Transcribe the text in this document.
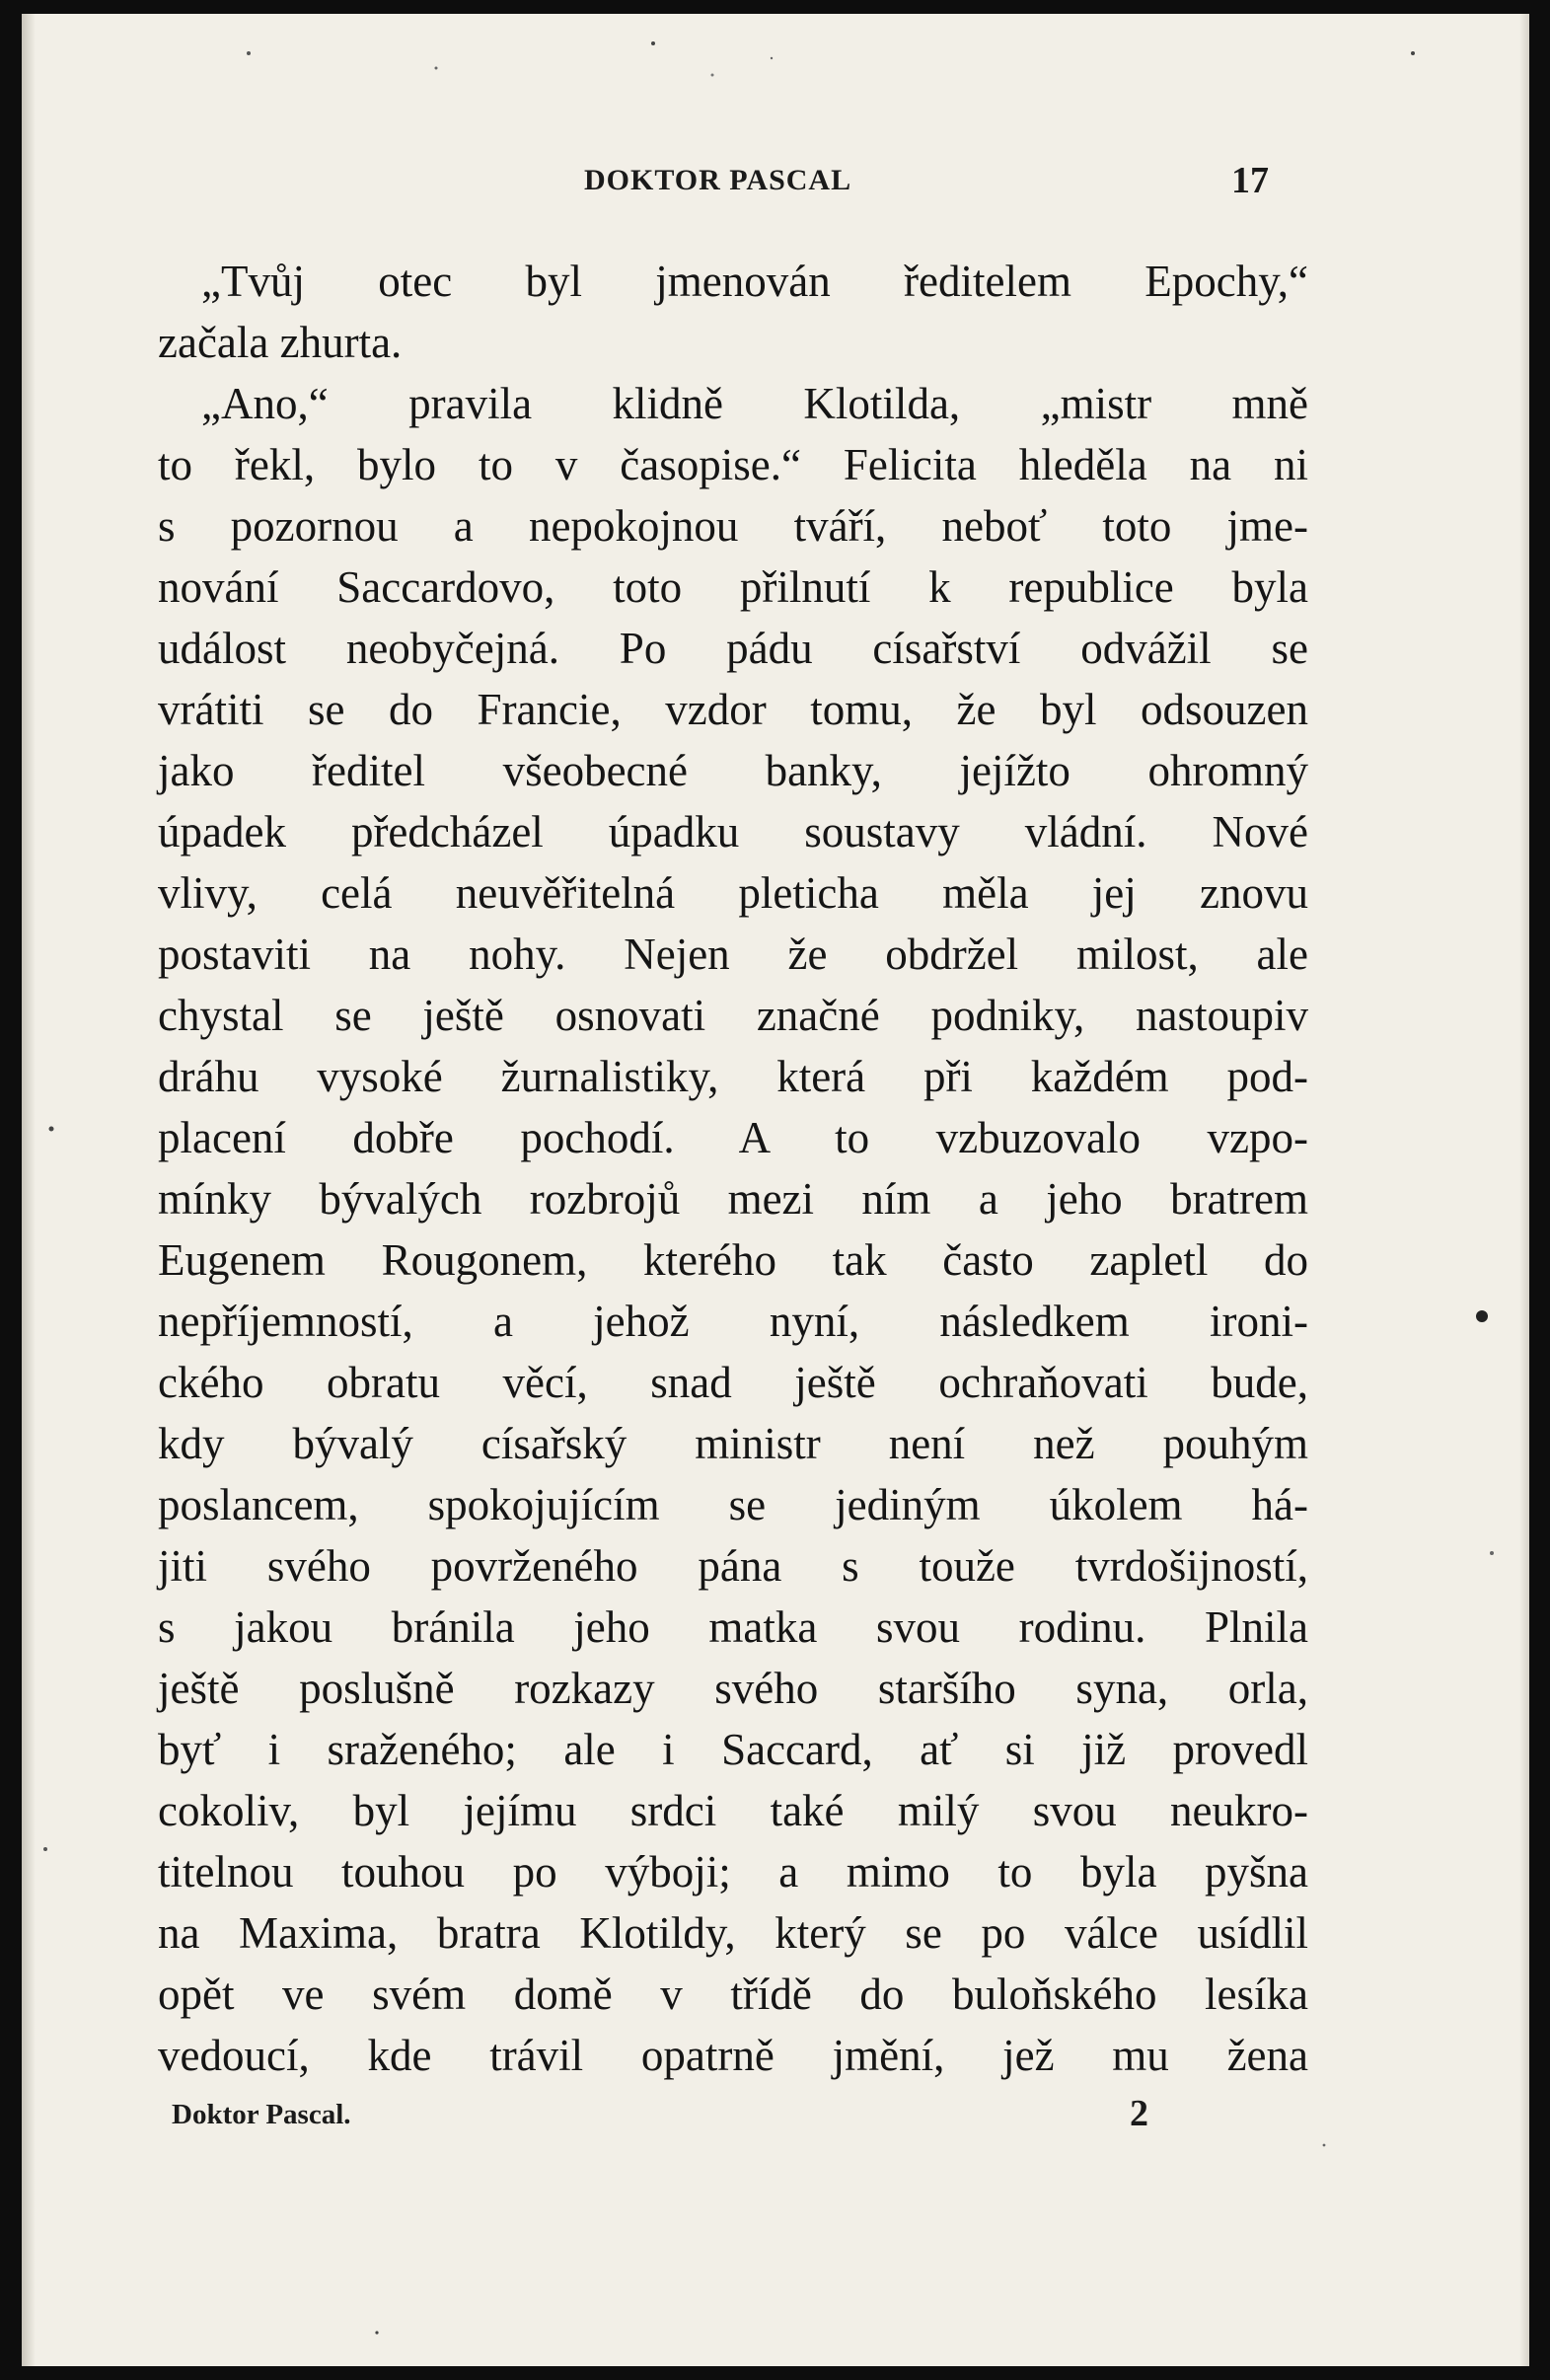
DOKTOR PASCAL	17
„Tvůj otec byl jmenován ředitelem Epochy,“
začala zhurta.
„Ano,“ pravila klidně Klotilda, „mistr mně
to řekl, bylo to v časopise.“ Felicita hleděla na ni
s pozornou a nepokojnou tváří, neboť toto jme-
nování Saccardovo, toto přilnutí k republice byla
událost neobyčejná. Po pádu císařství odvážil se
vrátiti se do Francie, vzdor tomu, že byl odsouzen
jako ředitel všeobecné banky, jejížto ohromný
úpadek předcházel úpadku soustavy vládní. Nové
vlivy, celá neuvěřitelná pleticha měla jej znovu
postaviti na nohy. Nejen že obdržel milost, ale
chystal se ještě osnovati značné podniky, nastoupiv
dráhu vysoké žurnalistiky, která při každém pod-
placení dobře pochodí. A to vzbuzovalo vzpo-
mínky bývalých rozbrojů mezi ním a jeho bratrem
Eugenem Rougonem, kterého tak často zapletl do
nepříjemností, a jehož nyní, následkem ironi-
ckého obratu věcí, snad ještě ochraňovati bude,
kdy bývalý císařský ministr není než pouhým
poslancem, spokojujícím se jediným úkolem há-
jiti svého povrženého pána s touže tvrdošijností,
s jakou bránila jeho matka svou rodinu. Plnila
ještě poslušně rozkazy svého staršího syna, orla,
byť i sraženého; ale i Saccard, ať si již provedl
cokoliv, byl jejímu srdci také milý svou neukro-
titelnou touhou po výboji; a mimo to byla pyšna
na Maxima, bratra Klotildy, který se po válce usídlil
opět ve svém domě v třídě do buloňského lesíka
vedoucí, kde trávil opatrně jmění, jež mu žena
Doktor Pascal.	2
